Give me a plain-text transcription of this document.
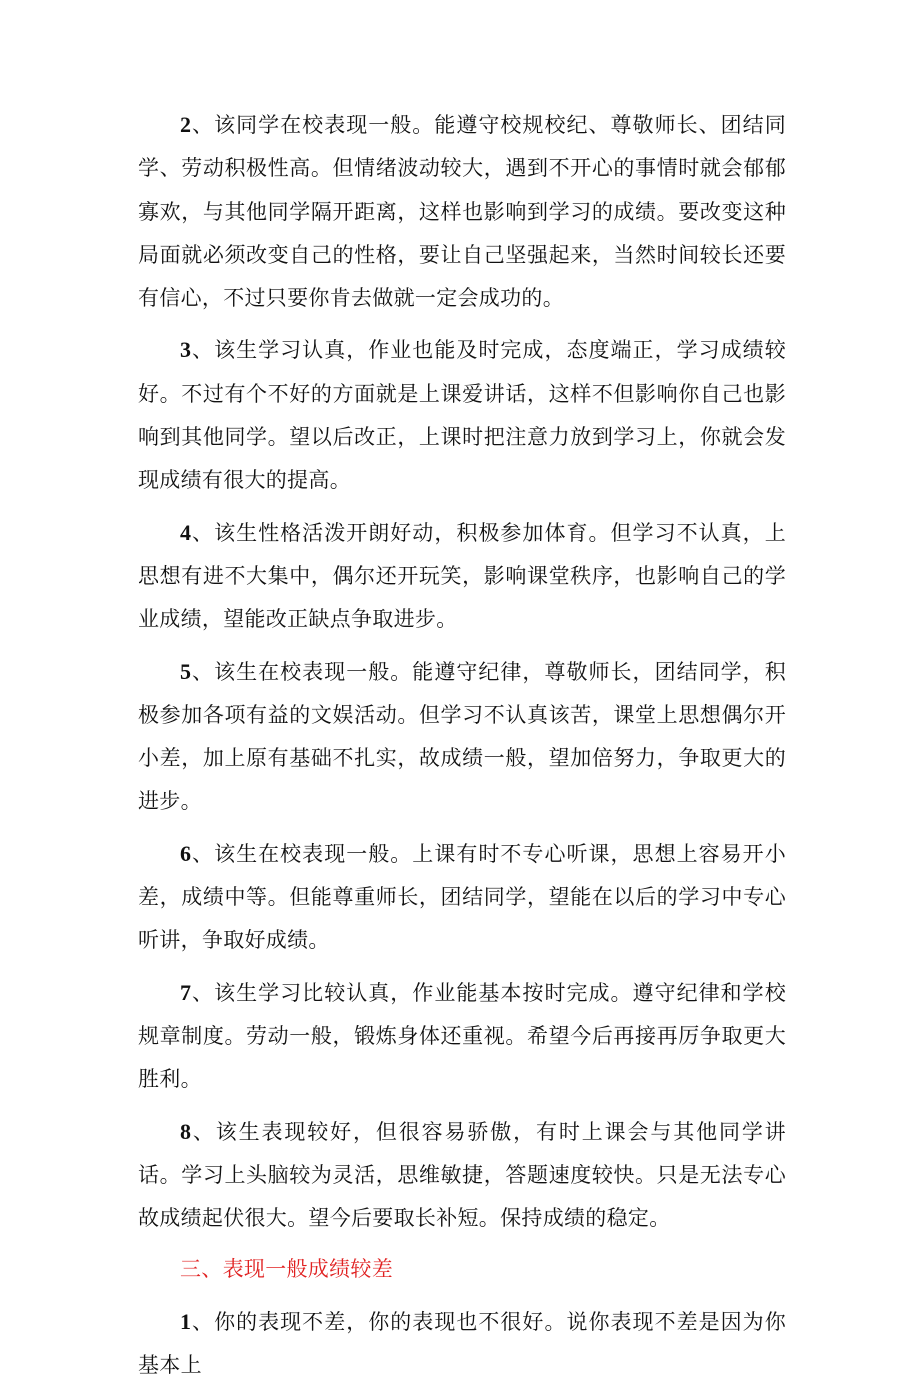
2、该同学在校表现一般。能遵守校规校纪、尊敬师长、团结同学、劳动积极性高。但情绪波动较大，遇到不开心的事情时就会郁郁寡欢，与其他同学隔开距离，这样也影响到学习的成绩。要改变这种局面就必须改变自己的性格，要让自己坚强起来，当然时间较长还要有信心，不过只要你肯去做就一定会成功的。

3、该生学习认真，作业也能及时完成，态度端正，学习成绩较好。不过有个不好的方面就是上课爱讲话，这样不但影响你自己也影响到其他同学。望以后改正，上课时把注意力放到学习上，你就会发现成绩有很大的提高。

4、该生性格活泼开朗好动，积极参加体育。但学习不认真，上思想有进不大集中，偶尔还开玩笑，影响课堂秩序，也影响自己的学业成绩，望能改正缺点争取进步。

5、该生在校表现一般。能遵守纪律，尊敬师长，团结同学，积极参加各项有益的文娱活动。但学习不认真该苦，课堂上思想偶尔开小差，加上原有基础不扎实，故成绩一般，望加倍努力，争取更大的进步。

6、该生在校表现一般。上课有时不专心听课，思想上容易开小差，成绩中等。但能尊重师长，团结同学，望能在以后的学习中专心听讲，争取好成绩。

7、该生学习比较认真，作业能基本按时完成。遵守纪律和学校规章制度。劳动一般，锻炼身体还重视。希望今后再接再厉争取更大胜利。

8、该生表现较好，但很容易骄傲，有时上课会与其他同学讲话。学习上头脑较为灵活，思维敏捷，答题速度较快。只是无法专心故成绩起伏很大。望今后要取长补短。保持成绩的稳定。

三、表现一般成绩较差

1、你的表现不差，你的表现也不很好。说你表现不差是因为你基本上
